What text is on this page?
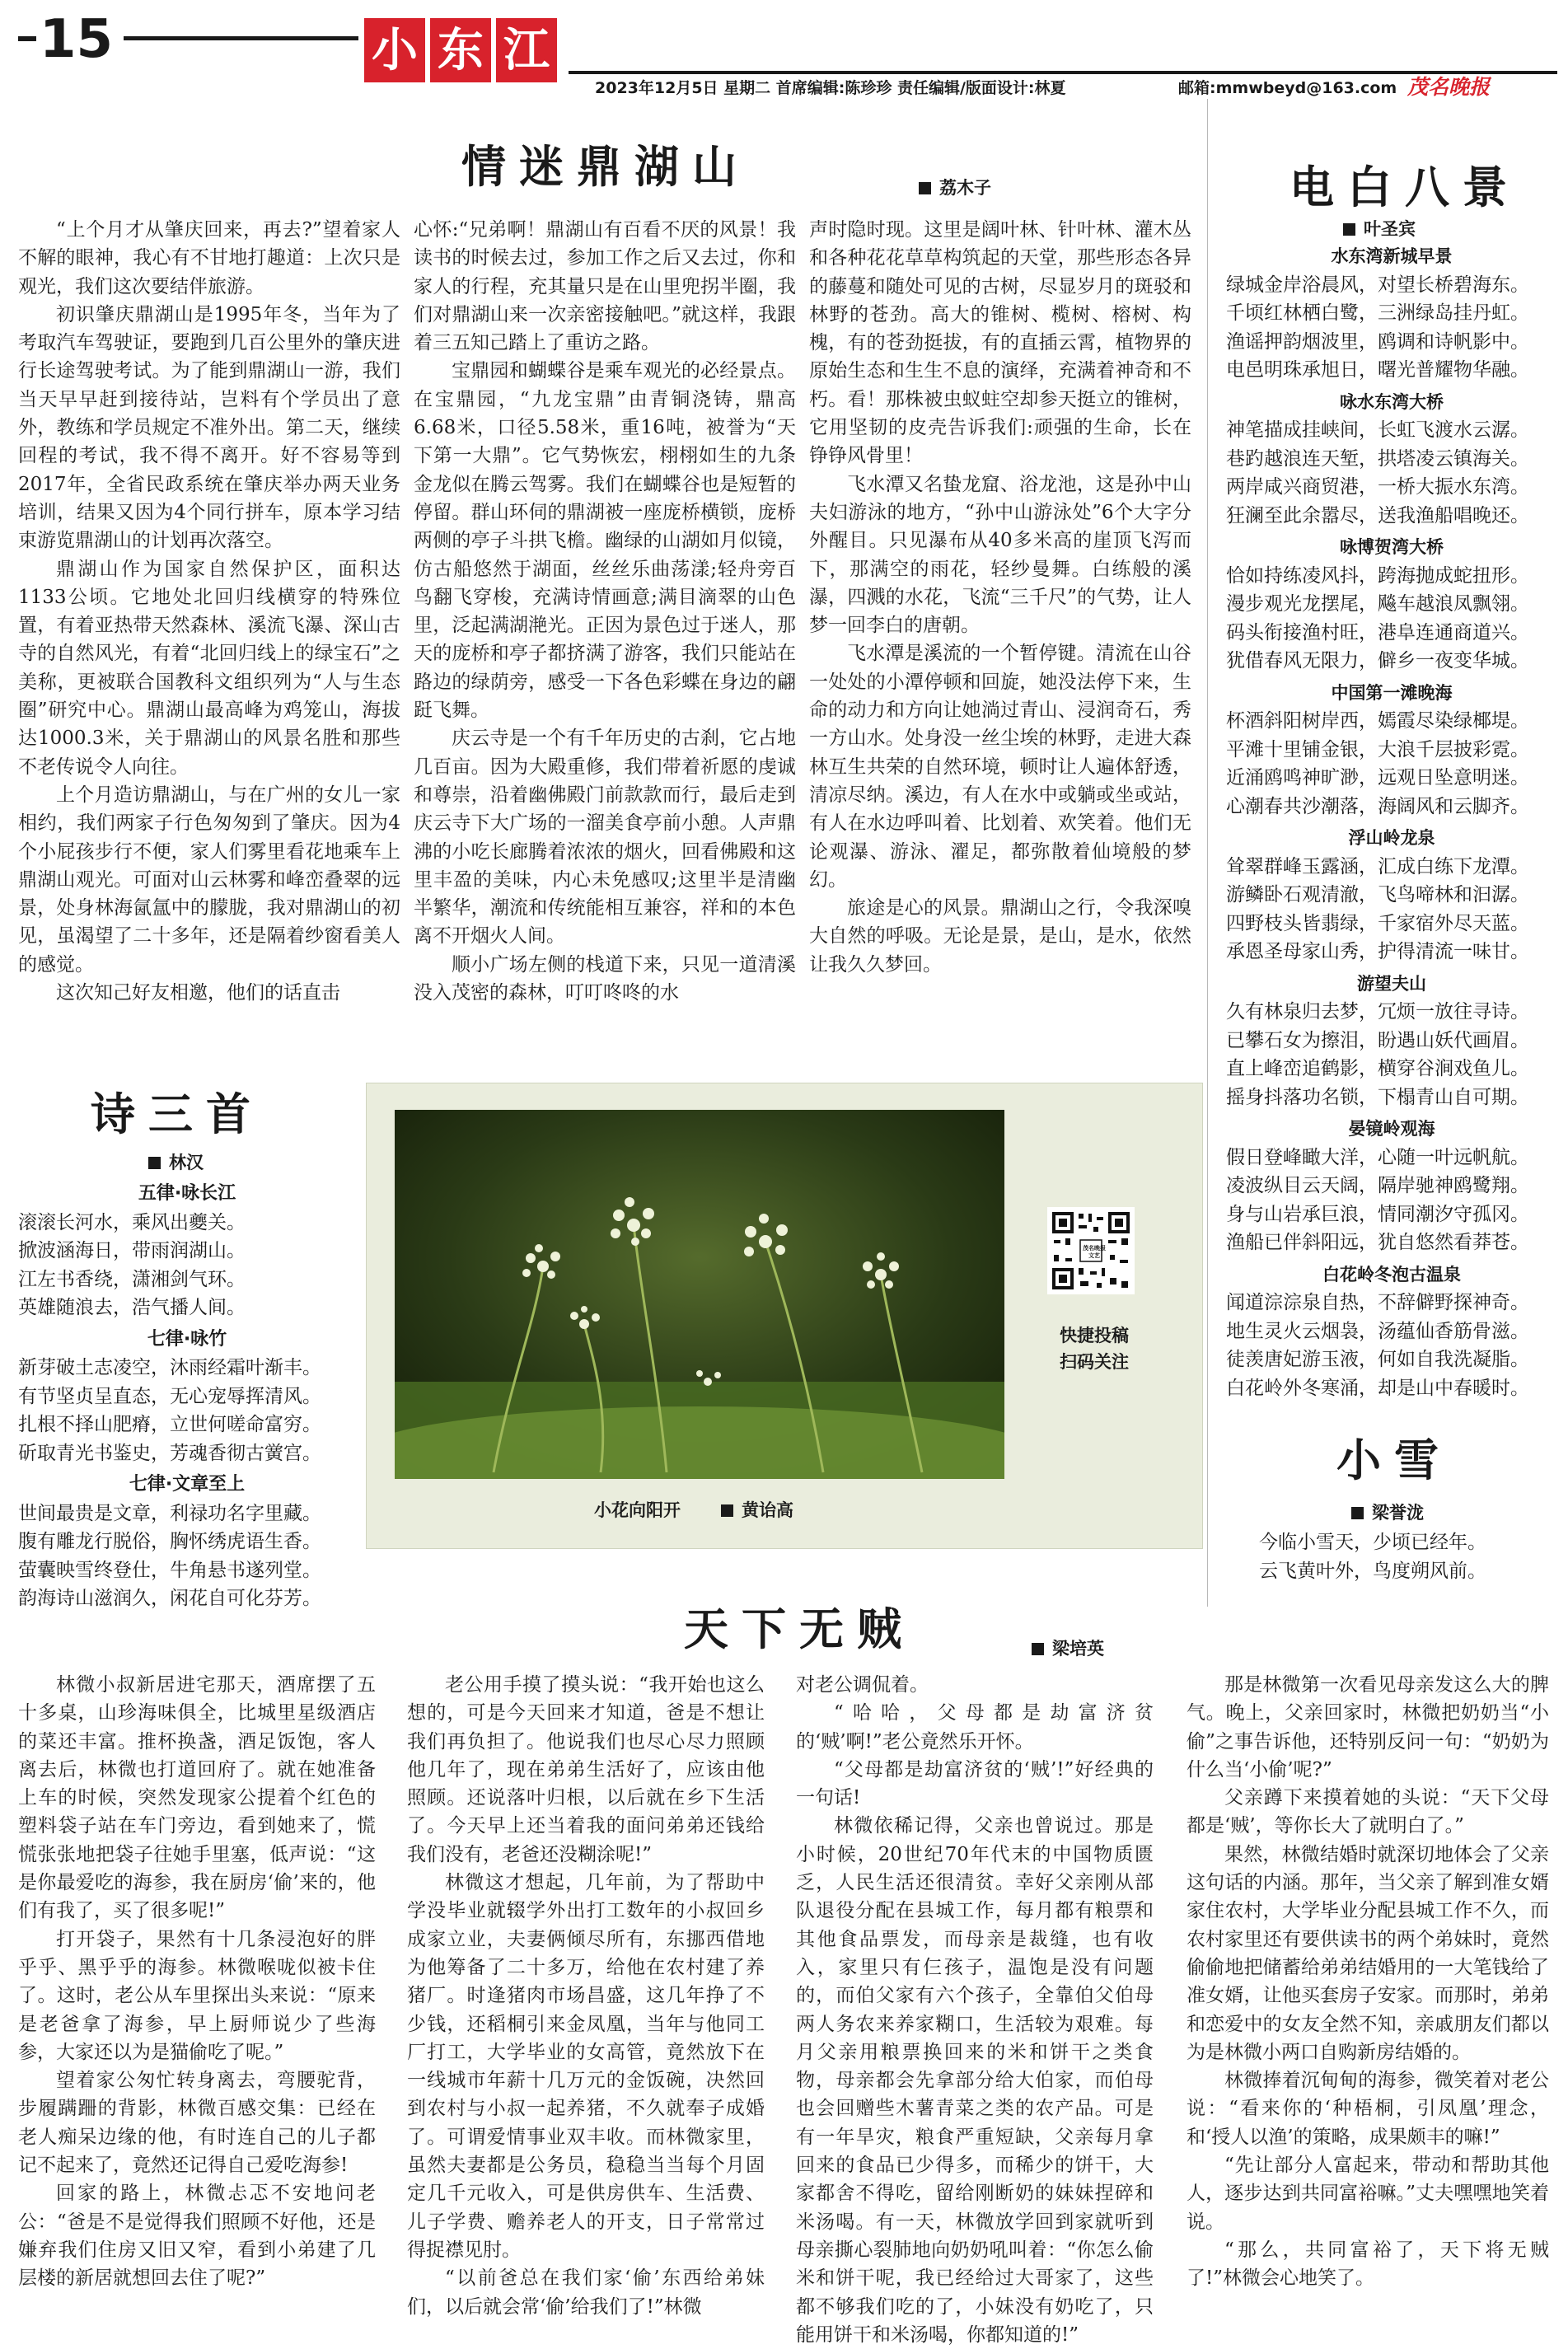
15	小 东 江
2023年12月5日 星期二 首席编辑:陈珍珍 责任编辑/版面设计:林夏	邮箱:mmwbeyd@163.com 茂名晚报
情迷鼎湖山	荔木子

“上个月才从肇庆回来，再去?”望着家人不解的眼神，我心有不甘地打趣道：上次只是观光，我们这次要结伴旅游。

初识肇庆鼎湖山是1995年冬，当年为了考取汽车驾驶证，要跑到几百公里外的肇庆进行长途驾驶考试。为了能到鼎湖山一游，我们当天早早赶到接待站，岂料有个学员出了意外，教练和学员规定不准外出。第二天，继续回程的考试，我不得不离开。好不容易等到2017年，全省民政系统在肇庆举办两天业务培训，结果又因为4个同行拼车，原本学习结束游览鼎湖山的计划再次落空。

鼎湖山作为国家自然保护区，面积达1133公顷。它地处北回归线横穿的特殊位置，有着亚热带天然森林、溪流飞瀑、深山古寺的自然风光，有着“北回归线上的绿宝石”之美称，更被联合国教科文组织列为“人与生态圈”研究中心。鼎湖山最高峰为鸡笼山，海拔达1000.3米，关于鼎湖山的风景名胜和那些不老传说令人向往。

上个月造访鼎湖山，与在广州的女儿一家相约，我们两家子行色匆匆到了肇庆。因为4个小屁孩步行不便，家人们雾里看花地乘车上鼎湖山观光。可面对山云林雾和峰峦叠翠的远景，处身林海氤氲中的朦胧，我对鼎湖山的初见，虽渴望了二十多年，还是隔着纱窗看美人的感觉。

这次知己好友相邀，他们的话直击

心怀:“兄弟啊！鼎湖山有百看不厌的风景！我读书的时候去过，参加工作之后又去过，你和家人的行程，充其量只是在山里兜拐半圈，我们对鼎湖山来一次亲密接触吧。”就这样，我跟着三五知己踏上了重访之路。

宝鼎园和蝴蝶谷是乘车观光的必经景点。在宝鼎园，“九龙宝鼎”由青铜浇铸，鼎高6.68米，口径5.58米，重16吨，被誉为“天下第一大鼎”。它气势恢宏，栩栩如生的九条金龙似在腾云驾雾。我们在蝴蝶谷也是短暂的停留。群山环伺的鼎湖被一座庞桥横锁，庞桥两侧的亭子斗拱飞檐。幽绿的山湖如月似镜，仿古船悠然于湖面，丝丝乐曲荡漾;轻舟旁百鸟翻飞穿梭，充满诗情画意;满目滴翠的山色里，泛起满湖滟光。正因为景色过于迷人，那天的庞桥和亭子都挤满了游客，我们只能站在路边的绿荫旁，感受一下各色彩蝶在身边的翩跹飞舞。

庆云寺是一个有千年历史的古刹，它占地几百亩。因为大殿重修，我们带着祈愿的虔诚和尊崇，沿着幽佛殿门前款款而行，最后走到庆云寺下大广场的一溜美食亭前小憩。人声鼎沸的小吃长廊腾着浓浓的烟火，回看佛殿和这里丰盈的美味，内心未免感叹;这里半是清幽半繁华，潮流和传统能相互兼容，祥和的本色离不开烟火人间。

顺小广场左侧的栈道下来，只见一道清溪没入茂密的森林，叮叮咚咚的水

声时隐时现。这里是阔叶林、针叶林、灌木丛和各种花花草草构筑起的天堂，那些形态各异的藤蔓和随处可见的古树，尽显岁月的斑驳和林野的苍劲。高大的锥树、榄树、榕树、构槐，有的苍劲挺拔，有的直插云霄，植物界的原始生态和生生不息的演绎，充满着神奇和不朽。看！那株被虫蚁蛀空却参天挺立的锥树，它用坚韧的皮壳告诉我们:顽强的生命，长在铮铮风骨里！

飞水潭又名蛰龙窟、浴龙池，这是孙中山夫妇游泳的地方，“孙中山游泳处”6个大字分外醒目。只见瀑布从40多米高的崖顶飞泻而下，那满空的雨花，轻纱曼舞。白练般的溪瀑，四溅的水花，飞流“三千尺”的气势，让人梦一回李白的唐朝。

飞水潭是溪流的一个暂停键。清流在山谷一处处的小潭停顿和回旋，她没法停下来，生命的动力和方向让她淌过青山、浸润奇石，秀一方山水。处身没一丝尘埃的林野，走进大森林互生共荣的自然环境，顿时让人遍体舒透，清凉尽纳。溪边，有人在水中或躺或坐或站，有人在水边呼叫着、比划着、欢笑着。他们无论观瀑、游泳、濯足，都弥散着仙境般的梦幻。

旅途是心的风景。鼎湖山之行，令我深嗅大自然的呼吸。无论是景，是山，是水，依然让我久久梦回。

电白八景
叶圣宾
水东湾新城早景
绿城金岸浴晨风，对望长桥碧海东。
千顷红林栖白鹭，三洲绿岛挂丹虹。
渔谣押韵烟波里，鸥调和诗帆影中。
电邑明珠承旭日，曙光普耀物华融。
咏水东湾大桥
神笔描成挂峡间，长虹飞渡水云潺。
巷趵越浪连天堑，拱塔凌云镇海关。
两岸咸兴商贸港，一桥大振水东湾。
狂澜至此余嚣尽，送我渔船唱晚还。
咏博贺湾大桥
恰如持练凌风抖，跨海抛成蛇扭形。
漫步观光龙摆尾，飚车越浪凤飘翎。
码头衔接渔村旺，港阜连通商道兴。
犹借春风无限力，僻乡一夜变华城。
中国第一滩晚海
杯酒斜阳树岸西，嫣霞尽染绿椰堤。
平滩十里铺金银，大浪千层披彩霓。
近涌鸥鸣神旷渺，远观日坠意明迷。
心潮春共沙潮落，海阔风和云脚齐。
浮山岭龙泉
耸翠群峰玉露涵，汇成白练下龙潭。
游鳞卧石观清澈，飞鸟啼林和汩潺。
四野枝头皆翡绿，千家宿外尽天蓝。
承恩圣母家山秀，护得清流一味甘。
游望夫山
久有林泉归去梦，冗烦一放往寻诗。
已攀石女为擦泪，盼遇山妖代画眉。
直上峰峦追鹤影，横穿谷涧戏鱼儿。
摇身抖落功名锁，下榻青山自可期。
晏镜岭观海
假日登峰瞰大洋，心随一叶远帆航。
凌波纵目云天阔，隔岸驰神鸥鹭翔。
身与山岩承巨浪，情同潮汐守孤冈。
渔船已伴斜阳远，犹自悠然看莽苍。
白花岭冬泡古温泉
闻道淙淙泉自热，不辞僻野探神奇。
地生灵火云烟袅，汤蕴仙香筋骨滋。
徒羡唐妃游玉液，何如自我洗凝脂。
白花岭外冬寒涌，却是山中春暖时。
诗三首
林汉
五律·咏长江
滚滚长河水，乘风出夔关。
掀波涵海日，带雨润湖山。
江左书香绕，潇湘剑气环。
英雄随浪去，浩气播人间。
七律·咏竹
新芽破土志凌空，沐雨经霜叶渐丰。
有节坚贞呈直态，无心宠辱挥清风。
扎根不择山肥瘠，立世何嗟命富穷。
斫取青光书鉴史，芳魂香彻古黉宫。
七律·文章至上
世间最贵是文章，利禄功名字里藏。
腹有雕龙行脱俗，胸怀绣虎语生香。
萤囊映雪终登仕，牛角悬书遂列堂。
韵海诗山滋润久，闲花自可化芬芳。
茂名晚报 文艺
快捷投稿
扫码关注
小花向阳开	黄诒高
小雪
梁誉泷
今临小雪天，少顷已经年。
云飞黄叶外，鸟度朔风前。
天下无贼	梁培英

林微小叔新居进宅那天，酒席摆了五十多桌，山珍海味俱全，比城里星级酒店的菜还丰富。推杯换盏，酒足饭饱，客人离去后，林微也打道回府了。就在她准备上车的时候，突然发现家公提着个红色的塑料袋子站在车门旁边，看到她来了，慌慌张张地把袋子往她手里塞，低声说：“这是你最爱吃的海参，我在厨房‘偷’来的，他们有我了，买了很多呢!”

打开袋子，果然有十几条浸泡好的胖乎乎、黑乎乎的海参。林微喉咙似被卡住了。这时，老公从车里探出头来说：“原来是老爸拿了海参，早上厨师说少了些海参，大家还以为是猫偷吃了呢。”

望着家公匆忙转身离去，弯腰驼背，步履蹒跚的背影，林微百感交集：已经在老人痴呆边缘的他，有时连自己的儿子都记不起来了，竟然还记得自己爱吃海参!

回家的路上，林微忐忑不安地问老公：“爸是不是觉得我们照顾不好他，还是嫌弃我们住房又旧又窄，看到小弟建了几层楼的新居就想回去住了呢?”

老公用手摸了摸头说：“我开始也这么想的，可是今天回来才知道，爸是不想让我们再负担了。他说我们也尽心尽力照顾他几年了，现在弟弟生活好了，应该由他照顾。还说落叶归根，以后就在乡下生活了。今天早上还当着我的面问弟弟还钱给我们没有，老爸还没糊涂呢!”

林微这才想起，几年前，为了帮助中学没毕业就辍学外出打工数年的小叔回乡成家立业，夫妻俩倾尽所有，东挪西借地为他筹备了二十多万，给他在农村建了养猪厂。时逢猪肉市场昌盛，这几年挣了不少钱，还稻桐引来金凤凰，当年与他同工厂打工，大学毕业的女高管，竟然放下在一线城市年薪十几万元的金饭碗，决然回到农村与小叔一起养猪，不久就奉子成婚了。可谓爱情事业双丰收。而林微家里，虽然夫妻都是公务员，稳稳当当每个月固定几千元收入，可是供房供车、生活费、儿子学费、赡养老人的开支，日子常常过得捉襟见肘。

“以前爸总在我们家‘偷’东西给弟妹们，以后就会常‘偷’给我们了!”林微

对老公调侃着。

“哈哈，父母都是劫富济贫的‘贼’啊!”老公竟然乐开怀。

“父母都是劫富济贫的‘贼’!”好经典的一句话!

林微依稀记得，父亲也曾说过。那是小时候，20世纪70年代末的中国物质匮乏，人民生活还很清贫。幸好父亲刚从部队退役分配在县城工作，每月都有粮票和其他食品票发，而母亲是裁缝，也有收入，家里只有仨孩子，温饱是没有问题的，而伯父家有六个孩子，全靠伯父伯母两人务农来养家糊口，生活较为艰难。每月父亲用粮票换回来的米和饼干之类食物，母亲都会先拿部分给大伯家，而伯母也会回赠些木薯青菜之类的农产品。可是有一年旱灾，粮食严重短缺，父亲每月拿回来的食品已少得多，而稀少的饼干，大家都舍不得吃，留给刚断奶的妹妹捏碎和米汤喝。有一天，林微放学回到家就听到母亲撕心裂肺地向奶奶吼叫着：“你怎么偷米和饼干呢，我已经给过大哥家了，这些都不够我们吃的了，小妹没有奶吃了，只能用饼干和米汤喝，你都知道的!”

那是林微第一次看见母亲发这么大的脾气。晚上，父亲回家时，林微把奶奶当“小偷”之事告诉他，还特别反问一句：“奶奶为什么当‘小偷’呢?”

父亲蹲下来摸着她的头说：“天下父母都是‘贼’，等你长大了就明白了。”

果然，林微结婚时就深切地体会了父亲这句话的内涵。那年，当父亲了解到准女婿家住农村，大学毕业分配县城工作不久，而农村家里还有要供读书的两个弟妹时，竟然偷偷地把储蓄给弟弟结婚用的一大笔钱给了准女婿，让他买套房子安家。而那时，弟弟和恋爱中的女友全然不知，亲戚朋友们都以为是林微小两口自购新房结婚的。

林微捧着沉甸甸的海参，微笑着对老公说：“看来你的‘种梧桐，引凤凰’理念，和‘授人以渔’的策略，成果颇丰的嘛!”

“先让部分人富起来，带动和帮助其他人，逐步达到共同富裕嘛。”丈夫嘿嘿地笑着说。

“那么，共同富裕了，天下将无贼了!”林微会心地笑了。
